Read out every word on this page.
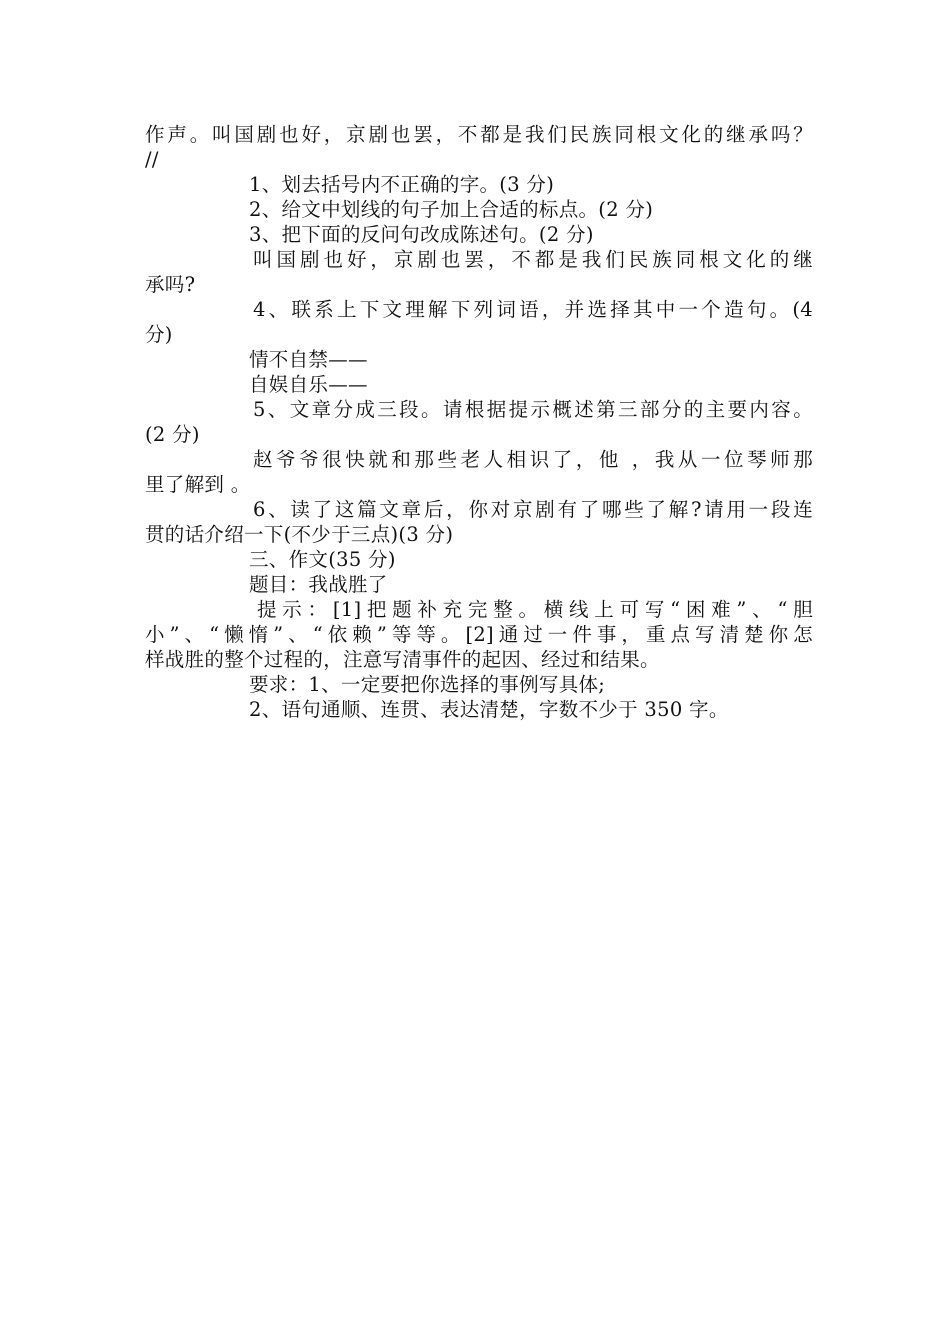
作声。叫国剧也好，京剧也罢，不都是我们民族同根文化的继承吗？
//
1、划去括号内不正确的字。(3 分)
2、给文中划线的句子加上合适的标点。(2 分)
3、把下面的反问句改成陈述句。(2 分)
叫国剧也好，京剧也罢，不都是我们民族同根文化的继
承吗?
4、联系上下文理解下列词语，并选择其中一个造句。(4
分)
情不自禁——
自娱自乐——
5、文章分成三段。请根据提示概述第三部分的主要内容。
(2 分)
赵爷爷很快就和那些老人相识了，他 ，我从一位琴师那
里了解到 。
6、读了这篇文章后，你对京剧有了哪些了解?请用一段连
贯的话介绍一下(不少于三点)(3 分)
三、作文(35 分)
题目：我战胜了
提示：[1]把题补充完整。横线上可写“困难”、“胆
小”、“懒惰”、“依赖”等等。[2]通过一件事，重点写清楚你怎
样战胜的整个过程的，注意写清事件的起因、经过和结果。
要求：1、一定要把你选择的事例写具体;
2、语句通顺、连贯、表达清楚，字数不少于 350 字。
